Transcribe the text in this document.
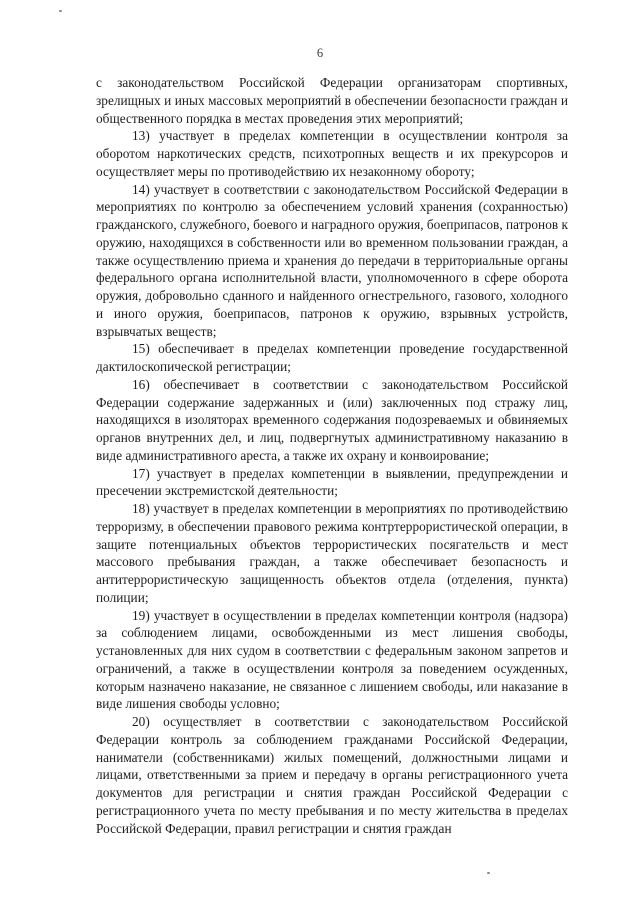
6

с законодательством Российской Федерации организаторам спортивных, зрелищных и иных массовых мероприятий в обеспечении безопасности граждан и общественного порядка в местах проведения этих мероприятий;

13) участвует в пределах компетенции в осуществлении контроля за оборотом наркотических средств, психотропных веществ и их прекурсоров и осуществляет меры по противодействию их незаконному обороту;

14) участвует в соответствии с законодательством Российской Федерации в мероприятиях по контролю за обеспечением условий хранения (сохранностью) гражданского, служебного, боевого и наградного оружия, боеприпасов, патронов к оружию, находящихся в собственности или во временном пользовании граждан, а также осуществлению приема и хранения до передачи в территориальные органы федерального органа исполнительной власти, уполномоченного в сфере оборота оружия, добровольно сданного и найденного огнестрельного, газового, холодного и иного оружия, боеприпасов, патронов к оружию, взрывных устройств, взрывчатых веществ;

15) обеспечивает в пределах компетенции проведение государственной дактилоскопической регистрации;

16) обеспечивает в соответствии с законодательством Российской Федерации содержание задержанных и (или) заключенных под стражу лиц, находящихся в изоляторах временного содержания подозреваемых и обвиняемых органов внутренних дел, и лиц, подвергнутых административному наказанию в виде административного ареста, а также их охрану и конвоирование;

17) участвует в пределах компетенции в выявлении, предупреждении и пресечении экстремистской деятельности;

18) участвует в пределах компетенции в мероприятиях по противодействию терроризму, в обеспечении правового режима контртеррористической операции, в защите потенциальных объектов террористических посягательств и мест массового пребывания граждан, а также обеспечивает безопасность и антитеррористическую защищенность объектов отдела (отделения, пункта) полиции;

19) участвует в осуществлении в пределах компетенции контроля (надзора) за соблюдением лицами, освобожденными из мест лишения свободы, установленных для них судом в соответствии с федеральным законом запретов и ограничений, а также в осуществлении контроля за поведением осужденных, которым назначено наказание, не связанное с лишением свободы, или наказание в виде лишения свободы условно;

20) осуществляет в соответствии с законодательством Российской Федерации контроль за соблюдением гражданами Российской Федерации, наниматели (собственниками) жилых помещений, должностными лицами и лицами, ответственными за прием и передачу в органы регистрационного учета документов для регистрации и снятия граждан Российской Федерации с регистрационного учета по месту пребывания и по месту жительства в пределах Российской Федерации, правил регистрации и снятия граждан
